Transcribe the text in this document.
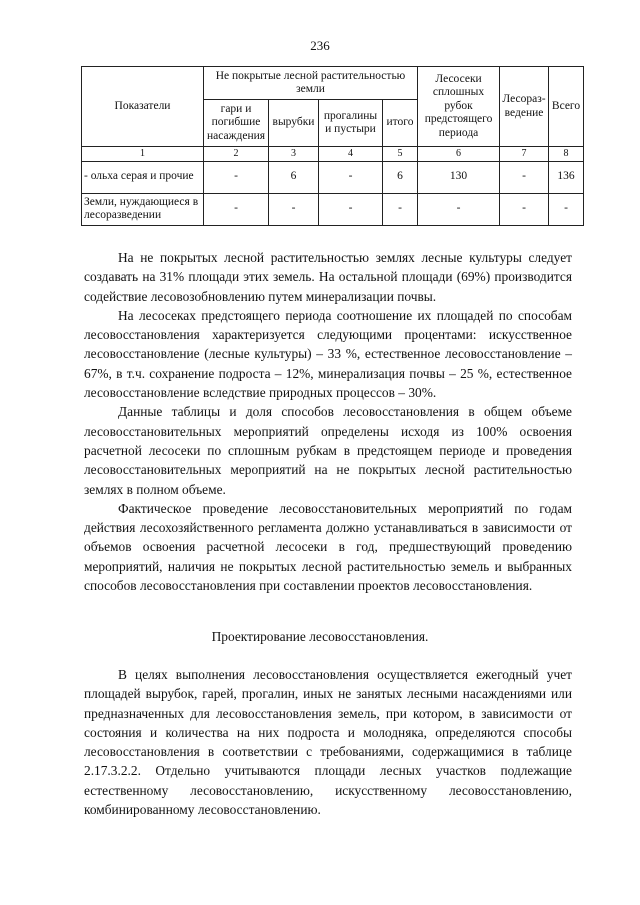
236
Показатели	Не покрытые лесной растительностью земли				Лесосеки сплошных рубок предстоящего периода	Лесораз-ведение	Всего
	гари и погибшие насаждения	вырубки	прогалины и пустыри	итого			
1	2	3	4	5	6	7	8
- ольха серая и прочие	-	6	-	6	130	-	136
Земли, нуждающиеся в лесоразведении	-	-	-	-	-	-	-

На не покрытых лесной растительностью землях лесные культуры следует создавать на 31% площади этих земель. На остальной площади (69%) производится содействие лесовозобновлению путем минерализации почвы.

На лесосеках предстоящего периода соотношение их площадей по способам лесовосстановления характеризуется следующими процентами: искусственное лесовосстановление (лесные культуры) – 33 %, естественное лесовосстановление – 67%, в т.ч. сохранение подроста – 12%, минерализация почвы – 25 %, естественное лесовосстановление вследствие природных процессов – 30%.

Данные таблицы и доля способов лесовосстановления в общем объеме лесовосстановительных мероприятий определены исходя из 100% освоения расчетной лесосеки по сплошным рубкам в предстоящем периоде и проведения лесовосстановительных мероприятий на не покрытых лесной растительностью землях в полном объеме.

Фактическое проведение лесовосстановительных мероприятий по годам действия лесохозяйственного регламента должно устанавливаться в зависимости от объемов освоения расчетной лесосеки в год, предшествующий проведению мероприятий, наличия не покрытых лесной растительностью земель и выбранных способов лесовосстановления при составлении проектов лесовосстановления.

Проектирование лесовосстановления.

В целях выполнения лесовосстановления осуществляется ежегодный учет площадей вырубок, гарей, прогалин, иных не занятых лесными насаждениями или предназначенных для лесовосстановления земель, при котором, в зависимости от состояния и количества на них подроста и молодняка, определяются способы лесовосстановления в соответствии с требованиями, содержащимися в таблице 2.17.3.2.2. Отдельно учитываются площади лесных участков подлежащие естественному лесовосстановлению, искусственному лесовосстановлению, комбинированному лесовосстановлению.
